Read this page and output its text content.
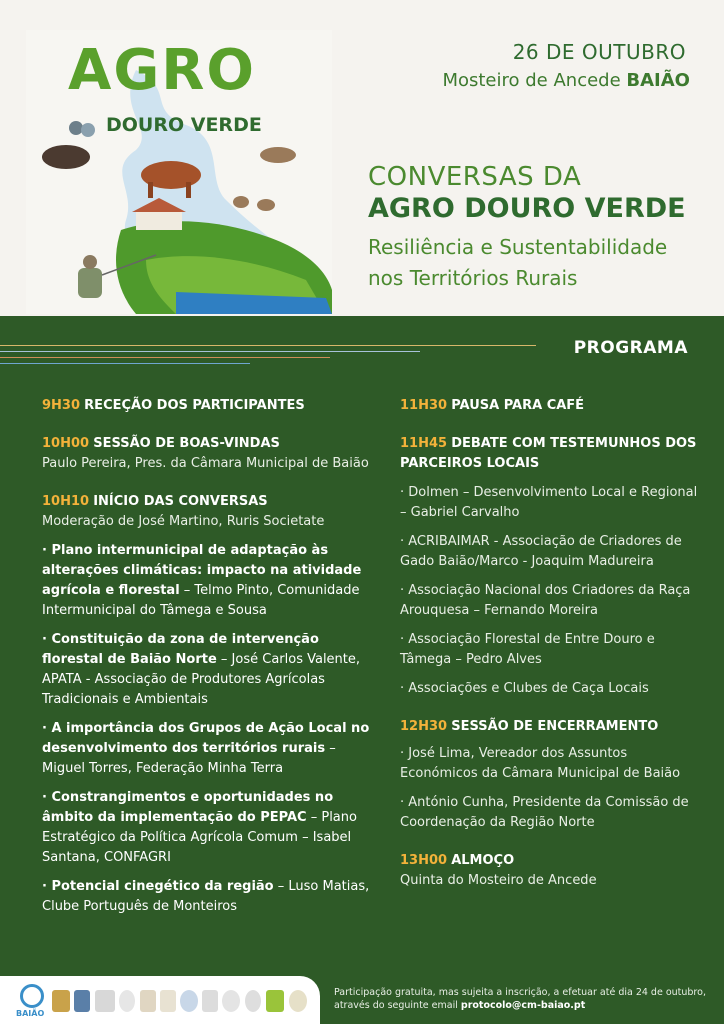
AGRO
DOURO VERDE
26 DE OUTUBRO
Mosteiro de Ancede BAIÃO
CONVERSAS DA
AGRO DOURO VERDE
Resiliência e Sustentabilidade nos Territórios Rurais
PROGRAMA
9H30 RECEÇÃO DOS PARTICIPANTES
10H00 SESSÃO DE BOAS-VINDAS
Paulo Pereira, Pres. da Câmara Municipal de Baião
10H10 INÍCIO DAS CONVERSAS
Moderação de José Martino, Ruris Societate
· Plano intermunicipal de adaptação às alterações climáticas: impacto na atividade agrícola e florestal – Telmo Pinto, Comunidade Intermunicipal do Tâmega e Sousa
· Constituição da zona de intervenção florestal de Baião Norte – José Carlos Valente, APATA - Associação de Produtores Agrícolas Tradicionais e Ambientais
· A importância dos Grupos de Ação Local no desenvolvimento dos territórios rurais – Miguel Torres, Federação Minha Terra
· Constrangimentos e oportunidades no âmbito da implementação do PEPAC – Plano Estratégico da Política Agrícola Comum – Isabel Santana, CONFAGRI
· Potencial cinegético da região – Luso Matias, Clube Português de Monteiros
11H30 PAUSA PARA CAFÉ
11H45 DEBATE COM TESTEMUNHOS DOS PARCEIROS LOCAIS
· Dolmen – Desenvolvimento Local e Regional – Gabriel Carvalho
· ACRIBAIMAR - Associação de Criadores de Gado Baião/Marco - Joaquim Madureira
· Associação Nacional dos Criadores da Raça Arouquesa – Fernando Moreira
· Associação Florestal de Entre Douro e Tâmega – Pedro Alves
· Associações e Clubes de Caça Locais
12H30 SESSÃO DE ENCERRAMENTO
· José Lima, Vereador dos Assuntos Económicos da Câmara Municipal de Baião
· António Cunha, Presidente da Comissão de Coordenação da Região Norte
13H00 ALMOÇO
Quinta do Mosteiro de Ancede
BAIÃO
Participação gratuita, mas sujeita a inscrição, a efetuar até dia 24 de outubro,
através do seguinte email protocolo@cm-baiao.pt
